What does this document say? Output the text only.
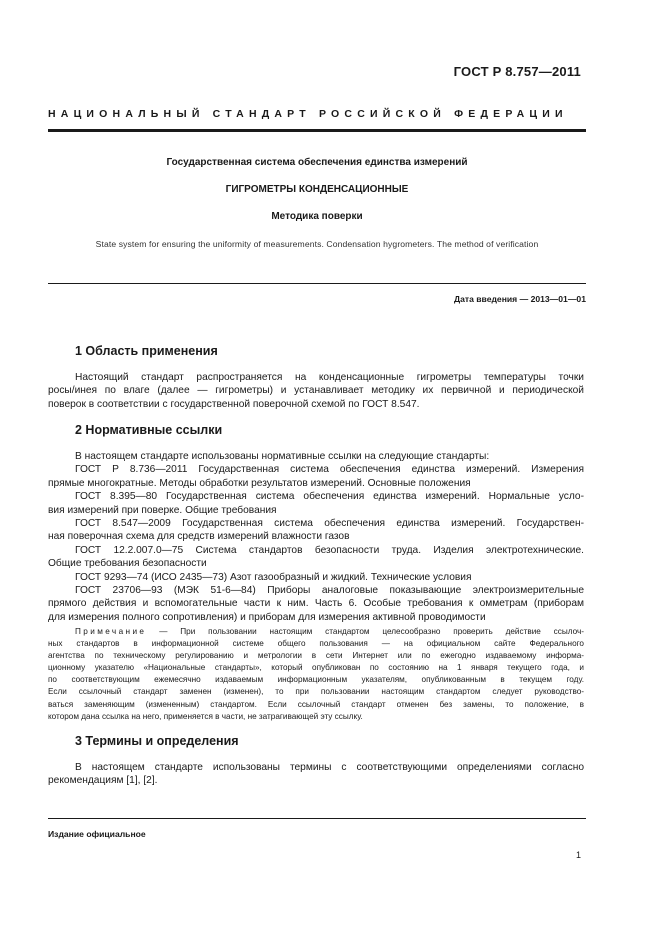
ГОСТ Р 8.757—2011
НАЦИОНАЛЬНЫЙ СТАНДАРТ РОССИЙСКОЙ ФЕДЕРАЦИИ
Государственная система обеспечения единства измерений
ГИГРОМЕТРЫ КОНДЕНСАЦИОННЫЕ
Методика поверки
State system for ensuring the uniformity of measurements. Condensation hygrometers. The method of verification
Дата введения — 2013—01—01
1 Область применения
Настоящий стандарт распространяется на конденсационные гигрометры температуры точки
росы/инея по влаге (далее — гигрометры) и устанавливает методику их первичной и периодической
поверок в соответствии с государственной поверочной схемой по ГОСТ 8.547.
2 Нормативные ссылки
В настоящем стандарте использованы нормативные ссылки на следующие стандарты:
ГОСТ Р 8.736—2011 Государственная система обеспечения единства измерений. Измерения
прямые многократные. Методы обработки результатов измерений. Основные положения
ГОСТ 8.395—80 Государственная система обеспечения единства измерений. Нормальные усло-
вия измерений при поверке. Общие требования
ГОСТ 8.547—2009 Государственная система обеспечения единства измерений. Государствен-
ная поверочная схема для средств измерений влажности газов
ГОСТ 12.2.007.0—75 Система стандартов безопасности труда. Изделия электротехнические.
Общие требования безопасности
ГОСТ 9293—74 (ИСО 2435—73) Азот газообразный и жидкий. Технические условия
ГОСТ 23706—93 (МЭК 51-6—84) Приборы аналоговые показывающие электроизмерительные
прямого действия и вспомогательные части к ним. Часть 6. Особые требования к омметрам (приборам
для измерения полного сопротивления) и приборам для измерения активной проводимости
Примечание — При пользовании настоящим стандартом целесообразно проверить действие ссылоч-
ных стандартов в информационной системе общего пользования — на официальном сайте Федерального
агентства по техническому регулированию и метрологии в сети Интернет или по ежегодно издаваемому информа-
ционному указателю «Национальные стандарты», который опубликован по состоянию на 1 января текущего года, и
по соответствующим ежемесячно издаваемым информационным указателям, опубликованным в текущем году.
Если ссылочный стандарт заменен (изменен), то при пользовании настоящим стандартом следует руководство-
ваться заменяющим (измененным) стандартом. Если ссылочный стандарт отменен без замены, то положение, в
котором дана ссылка на него, применяется в части, не затрагивающей эту ссылку.
3 Термины и определения
В настоящем стандарте использованы термины с соответствующими определениями согласно
рекомендациям [1], [2].
Издание официальное
1
